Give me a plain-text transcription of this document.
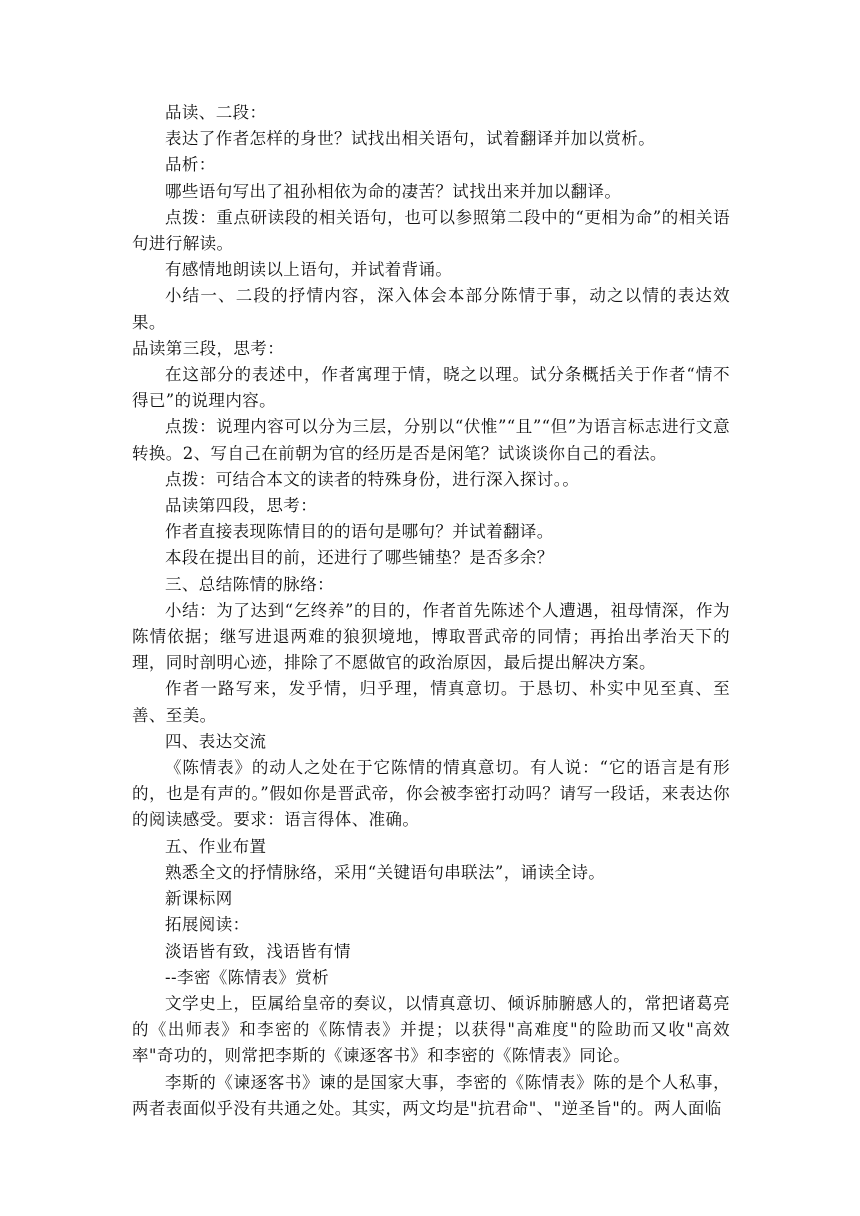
品读、二段：

表达了作者怎样的身世？试找出相关语句，试着翻译并加以赏析。

品析：

哪些语句写出了祖孙相依为命的凄苦？试找出来并加以翻译。

点拨：重点研读段的相关语句，也可以参照第二段中的“更相为命”的相关语句进行解读。

有感情地朗读以上语句，并试着背诵。

小结一、二段的抒情内容，深入体会本部分陈情于事，动之以情的表达效果。

品读第三段，思考：

在这部分的表述中，作者寓理于情，晓之以理。试分条概括关于作者“情不得已”的说理内容。

点拨：说理内容可以分为三层，分别以“伏惟”“且”“但”为语言标志进行文意转换。2、写自己在前朝为官的经历是否是闲笔？试谈谈你自己的看法。

点拨：可结合本文的读者的特殊身份，进行深入探讨。。

品读第四段，思考：

作者直接表现陈情目的的语句是哪句？并试着翻译。

本段在提出目的前，还进行了哪些铺垫？是否多余？

三、总结陈情的脉络：

小结：为了达到“乞终养”的目的，作者首先陈述个人遭遇，祖母情深，作为陈情依据；继写进退两难的狼狈境地，博取晋武帝的同情；再抬出孝治天下的理，同时剖明心迹，排除了不愿做官的政治原因，最后提出解决方案。

作者一路写来，发乎情，归乎理，情真意切。于恳切、朴实中见至真、至善、至美。

四、表达交流

《陈情表》的动人之处在于它陈情的情真意切。有人说：“它的语言是有形的，也是有声的。”假如你是晋武帝，你会被李密打动吗？请写一段话，来表达你的阅读感受。要求：语言得体、准确。

五、作业布置

熟悉全文的抒情脉络，采用“关键语句串联法”，诵读全诗。

新课标网

拓展阅读：

淡语皆有致，浅语皆有情

--李密《陈情表》赏析

文学史上，臣属给皇帝的奏议，以情真意切、倾诉肺腑感人的，常把诸葛亮的《出师表》和李密的《陈情表》并提；以获得"高难度"的险助而又收"高效率"奇功的，则常把李斯的《谏逐客书》和李密的《陈情表》同论。

李斯的《谏逐客书》谏的是国家大事，李密的《陈情表》陈的是个人私事，两者表面似乎没有共通之处。其实，两文均是"抗君命"、"逆圣旨"的。两人面临
